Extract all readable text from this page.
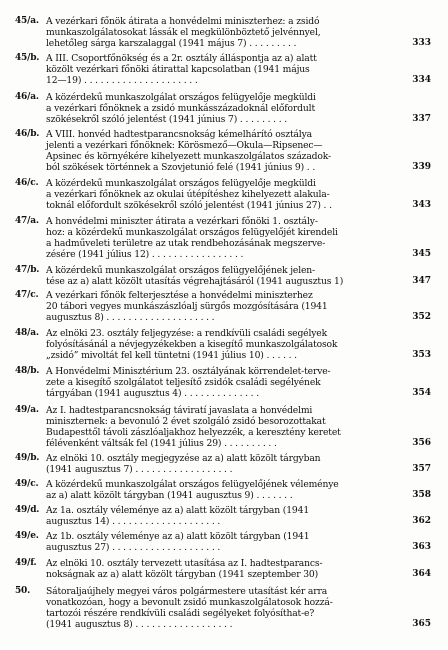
45/a. A vezérkari főnök átirata a honvédelmi miniszterhez: a zsidó
munkaszolgálatosokat lássák el megkülönböztető jelvénnyel,
lehetőleg sárga karszalaggal (1941 május 7) . . . . . . . . .	333
45/b. A III. Csoportfőnökség és a 2r. osztály álláspontja az a) alatt
közölt vezérkari főnöki átirattal kapcsolatban (1941 május
12—19) . . . . . . . . . . . . . . . . . . . . .	334
46/a. A közérdekű munkaszolgálat országos felügyelője megküldi
a vezérkari főnöknek a zsidó munkásszázadoknál előfordult
szökésekről szóló jelentést (1941 június 7) . . . . . . . . .	337
46/b. A VIII. honvéd hadtestparancsnokság kémelhárító osztálya
jelenti a vezérkari főnöknek: Körösmező—Okula—Ripsenec—
Apsinec és környékére kihelyezett munkaszolgálatos századok-
ból szökések történnek a Szovjetunió felé (1941 június 9) . .	339
46/c. A közérdekű munkaszolgálat országos felügyelője megküldi
a vezérkari főnöknek az okulai útépítéshez kihelyezett alakula-
toknál előfordult szökésekről szóló jelentést (1941 június 27) . .	343
47/a. A honvédelmi miniszter átirata a vezérkari főnöki 1. osztály-
hoz: a közérdekű munkaszolgálat országos felügyelőjét kirendeli
a hadműveleti területre az utak rendbehozásának megszerve-
zésére (1941 július 12) . . . . . . . . . . . . . . . . .	345
47/b. A közérdekű munkaszolgálat országos felügyelőjének jelen-
tése az a) alatt közölt utasítás végrehajtásáról (1941 augusztus 1)	347
47/c. A vezérkari főnök felterjesztése a honvédelmi miniszterhez
20 tábori vegyes munkászászlóalj sürgős mozgósítására (1941
augusztus 8) . . . . . . . . . . . . . . . . . . . .	352
48/a. Az elnöki 23. osztály feljegyzése: a rendkívüli családi segélyek
folyósításánál a névjegyzékekben a kisegítő munkaszolgálatosok
„zsidó” mivoltát fel kell tüntetni (1941 július 10) . . . . . .	353
48/b. A Honvédelmi Minisztérium 23. osztályának körrendelet-terve-
zete a kisegítő szolgálatot teljesítő zsidók családi segélyének
tárgyában (1941 augusztus 4) . . . . . . . . . . . . . .	354
49/a. Az I. hadtestparancsnokság táviratí javaslata a honvédelmi
miniszternek: a bevonuló 2 évet szolgáló zsidó besorozottakat
Budapesttől távoli zászlóaljakhoz helyezzék, a keresztény keretet
félévenként váltsák fel (1941 július 29) . . . . . . . . . .	356
49/b. Az elnöki 10. osztály megjegyzése az a) alatt közölt tárgyban
(1941 augusztus 7) . . . . . . . . . . . . . . . . . .	357
49/c. A közérdekű munkaszolgálat országos felügyelőjének véleménye
az a) alatt közölt tárgyban (1941 augusztus 9) . . . . . . .	358
49/d. Az 1a. osztály véleménye az a) alatt közölt tárgyban (1941
augusztus 14) . . . . . . . . . . . . . . . . . . . .	362
49/e. Az 1b. osztály véleménye az a) alatt közölt tárgyban (1941
augusztus 27) . . . . . . . . . . . . . . . . . . . .	363
49/f. Az elnöki 10. osztály tervezett utasítása az I. hadtestparancs-
nokságnak az a) alatt közölt tárgyban (1941 szeptember 30)	364
50. Sátoraljaújhely megyei város polgármestere utasítást kér arra
vonatkozóan, hogy a bevonult zsidó munkaszolgálatosok hozzá-
tartozói részére rendkívüli családi segélyeket folyósíthat-e?
(1941 augusztus 8) . . . . . . . . . . . . . . . . . .	365
